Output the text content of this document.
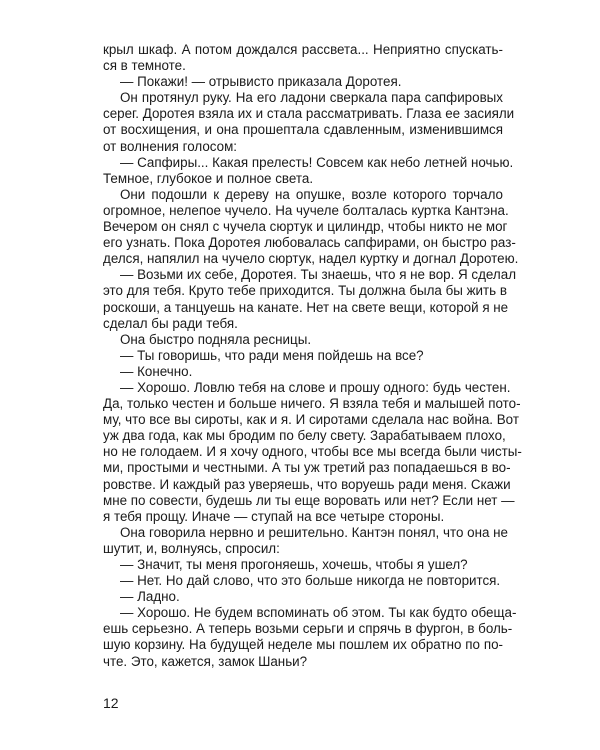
крыл шкаф. А потом дождался рассвета... Неприятно спускать-
ся в темноте.
— Покажи! — отрывисто приказала Доротея.
Он протянул руку. На его ладони сверкала пара сапфировых
серег. Доротея взяла их и стала рассматривать. Глаза ее засияли
от восхищения, и она прошептала сдавленным, изменившимся
от волнения голосом:
— Сапфиры... Какая прелесть! Совсем как небо летней ночью.
Темное, глубокое и полное света.
Они подошли к дереву на опушке, возле которого торчало
огромное, нелепое чучело. На чучеле болталась куртка Кантэна.
Вечером он снял с чучела сюртук и цилиндр, чтобы никто не мог
его узнать. Пока Доротея любовалась сапфирами, он быстро раз-
делся, напялил на чучело сюртук, надел куртку и догнал Доротею.
— Возьми их себе, Доротея. Ты знаешь, что я не вор. Я сделал
это для тебя. Круто тебе приходится. Ты должна была бы жить в
роскоши, а танцуешь на канате. Нет на свете вещи, которой я не
сделал бы ради тебя.
Она быстро подняла ресницы.
— Ты говоришь, что ради меня пойдешь на все?
— Конечно.
— Хорошо. Ловлю тебя на слове и прошу одного: будь честен.
Да, только честен и больше ничего. Я взяла тебя и малышей пото-
му, что все вы сироты, как и я. И сиротами сделала нас война. Вот
уж два года, как мы бродим по белу свету. Зарабатываем плохо,
но не голодаем. И я хочу одного, чтобы все мы всегда были чисты-
ми, простыми и честными. А ты уж третий раз попадаешься в во-
ровстве. И каждый раз уверяешь, что воруешь ради меня. Скажи
мне по совести, будешь ли ты еще воровать или нет? Если нет —
я тебя прощу. Иначе — ступай на все четыре стороны.
Она говорила нервно и решительно. Кантэн понял, что она не
шутит, и, волнуясь, спросил:
— Значит, ты меня прогоняешь, хочешь, чтобы я ушел?
— Нет. Но дай слово, что это больше никогда не повторится.
— Ладно.
— Хорошо. Не будем вспоминать об этом. Ты как будто обеща-
ешь серьезно. А теперь возьми серьги и спрячь в фургон, в боль-
шую корзину. На будущей неделе мы пошлем их обратно по по-
чте. Это, кажется, замок Шаньи?
12
